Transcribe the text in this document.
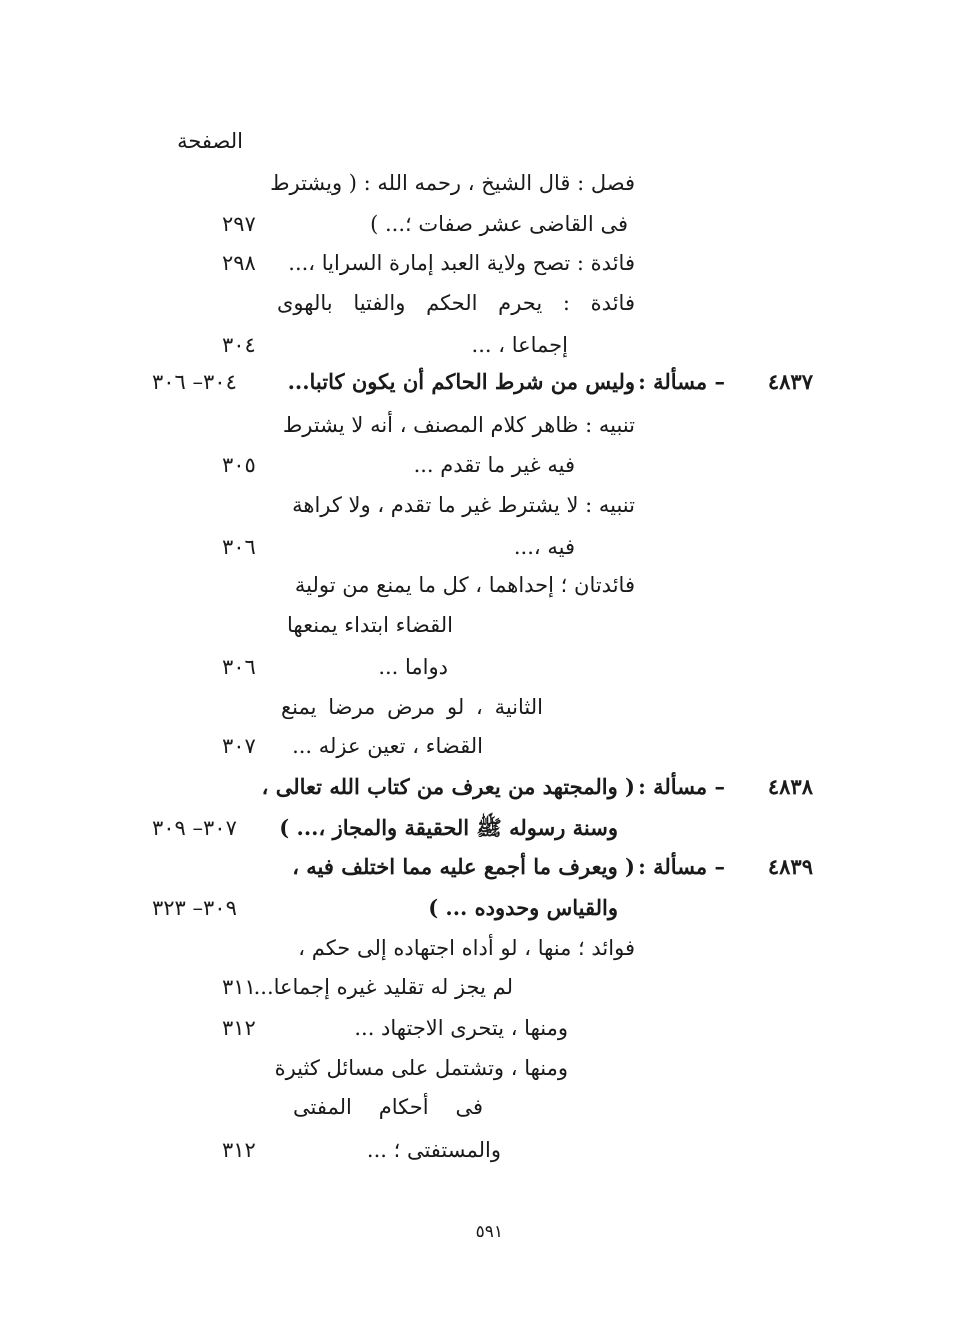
الصفحة
فصل : قال الشيخ ، رحمه الله : ( ويشترط
فى القاضى عشر صفات ؛... )
٢٩٧
فائدة : تصح ولاية العبد إمارة السرايا ،...
٢٩٨
فائدة : يحرم الحكم والفتيا بالهوى
إجماعا ، ...
٣٠٤
٤٨٣٧
– مسألة :
وليس من شرط الحاكم أن يكون كاتبا...
٣٠٤– ٣٠٦
تنبيه : ظاهر كلام المصنف ، أنه لا يشترط
فيه غير ما تقدم ...
٣٠٥
تنبيه : لا يشترط غير ما تقدم ، ولا كراهة
فيه ،...
٣٠٦
فائدتان ؛ إحداهما ، كل ما يمنع من تولية
القضاء ابتداء يمنعها
دواما ...
٣٠٦
الثانية ، لو مرض مرضا يمنع
القضاء ، تعين عزله ...
٣٠٧
٤٨٣٨
– مسألة :
( والمجتهد من يعرف من كتاب الله تعالى ،
وسنة رسوله ﷺ الحقيقة والمجاز ،... )
٣٠٧– ٣٠٩
٤٨٣٩
– مسألة :
( ويعرف ما أجمع عليه مما اختلف فيه ،
والقياس وحدوده ... )
٣٠٩– ٣٢٣
فوائد ؛ منها ، لو أداه اجتهاده إلى حكم ،
لم يجز له تقليد غيره إجماعا...
٣١١
ومنها ، يتحرى الاجتهاد ...
٣١٢
ومنها ، وتشتمل على مسائل كثيرة
فى أحكام المفتى
والمستفتى ؛ ...
٣١٢
٥٩١
